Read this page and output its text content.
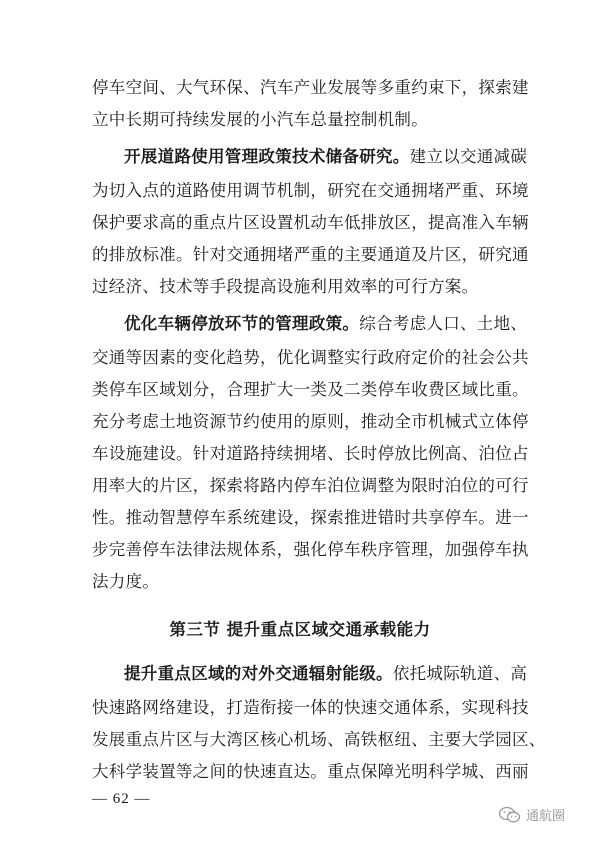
停车空间、大气环保、汽车产业发展等多重约束下，探索建
立中长期可持续发展的小汽车总量控制机制。
开展道路使用管理政策技术储备研究。建立以交通减碳
为切入点的道路使用调节机制，研究在交通拥堵严重、环境
保护要求高的重点片区设置机动车低排放区，提高准入车辆
的排放标准。针对交通拥堵严重的主要通道及片区，研究通
过经济、技术等手段提高设施利用效率的可行方案。
优化车辆停放环节的管理政策。综合考虑人口、土地、
交通等因素的变化趋势，优化调整实行政府定价的社会公共
类停车区域划分，合理扩大一类及二类停车收费区域比重。
充分考虑土地资源节约使用的原则，推动全市机械式立体停
车设施建设。针对道路持续拥堵、长时停放比例高、泊位占
用率大的片区，探索将路内停车泊位调整为限时泊位的可行
性。推动智慧停车系统建设，探索推进错时共享停车。进一
步完善停车法律法规体系，强化停车秩序管理，加强停车执
法力度。
第三节 提升重点区域交通承载能力
提升重点区域的对外交通辐射能级。依托城际轨道、高
快速路网络建设，打造衔接一体的快速交通体系，实现科技
发展重点片区与大湾区核心机场、高铁枢纽、主要大学园区、
大科学装置等之间的快速直达。重点保障光明科学城、西丽
— 62 —
通航圈
